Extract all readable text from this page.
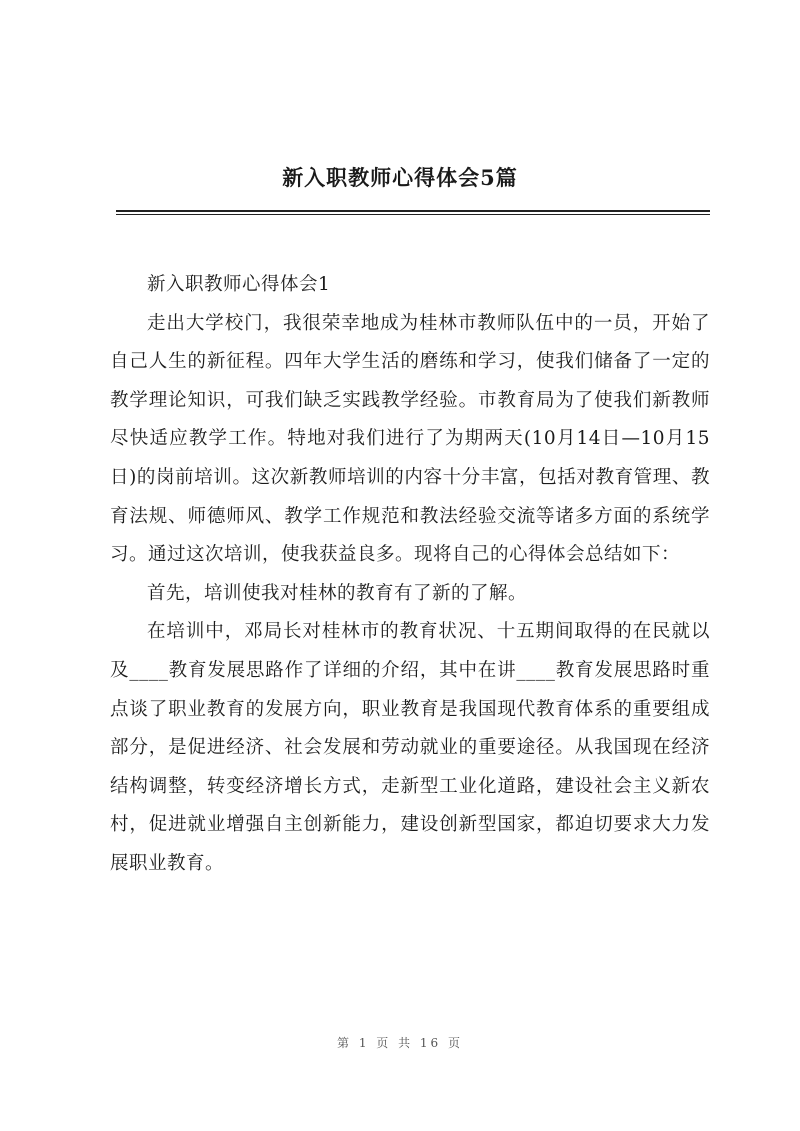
新入职教师心得体会5篇

新入职教师心得体会1

走出大学校门，我很荣幸地成为桂林市教师队伍中的一员，开始了自己人生的新征程。四年大学生活的磨练和学习，使我们储备了一定的教学理论知识，可我们缺乏实践教学经验。市教育局为了使我们新教师尽快适应教学工作。特地对我们进行了为期两天(10月14日—10月15日)的岗前培训。这次新教师培训的内容十分丰富，包括对教育管理、教育法规、师德师风、教学工作规范和教法经验交流等诸多方面的系统学习。通过这次培训，使我获益良多。现将自己的心得体会总结如下：

首先，培训使我对桂林的教育有了新的了解。

在培训中，邓局长对桂林市的教育状况、十五期间取得的在民就以及____教育发展思路作了详细的介绍，其中在讲____教育发展思路时重点谈了职业教育的发展方向，职业教育是我国现代教育体系的重要组成部分，是促进经济、社会发展和劳动就业的重要途径。从我国现在经济结构调整，转变经济增长方式，走新型工业化道路，建设社会主义新农村，促进就业增强自主创新能力，建设创新型国家，都迫切要求大力发展职业教育。

第 1 页 共 16 页
